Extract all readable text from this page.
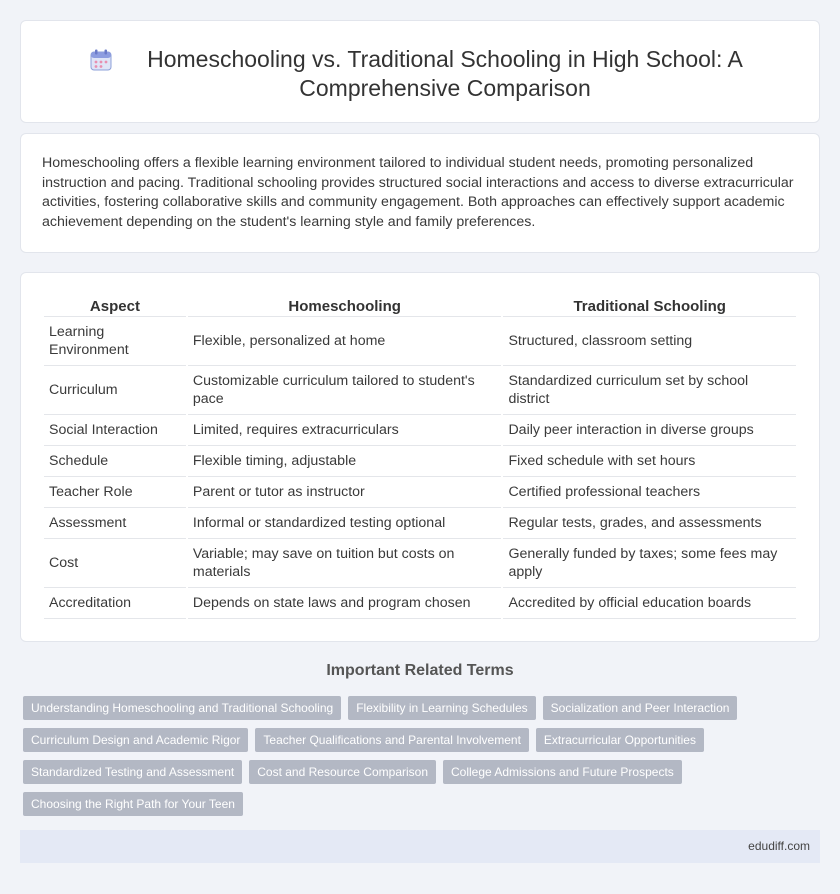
Homeschooling vs. Traditional Schooling in High School: A Comprehensive Comparison

Homeschooling offers a flexible learning environment tailored to individual student needs, promoting personalized instruction and pacing. Traditional schooling provides structured social interactions and access to diverse extracurricular activities, fostering collaborative skills and community engagement. Both approaches can effectively support academic achievement depending on the student's learning style and family preferences.

Aspect	Homeschooling	Traditional Schooling
Learning Environment	Flexible, personalized at home	Structured, classroom setting
Curriculum	Customizable curriculum tailored to student's pace	Standardized curriculum set by school district
Social Interaction	Limited, requires extracurriculars	Daily peer interaction in diverse groups
Schedule	Flexible timing, adjustable	Fixed schedule with set hours
Teacher Role	Parent or tutor as instructor	Certified professional teachers
Assessment	Informal or standardized testing optional	Regular tests, grades, and assessments
Cost	Variable; may save on tuition but costs on materials	Generally funded by taxes; some fees may apply
Accreditation	Depends on state laws and program chosen	Accredited by official education boards
Important Related Terms
Understanding Homeschooling and Traditional Schooling	Flexibility in Learning Schedules	Socialization and Peer Interaction
Curriculum Design and Academic Rigor	Teacher Qualifications and Parental Involvement	Extracurricular Opportunities
Standardized Testing and Assessment	Cost and Resource Comparison	College Admissions and Future Prospects
Choosing the Right Path for Your Teen
edudiff.com
